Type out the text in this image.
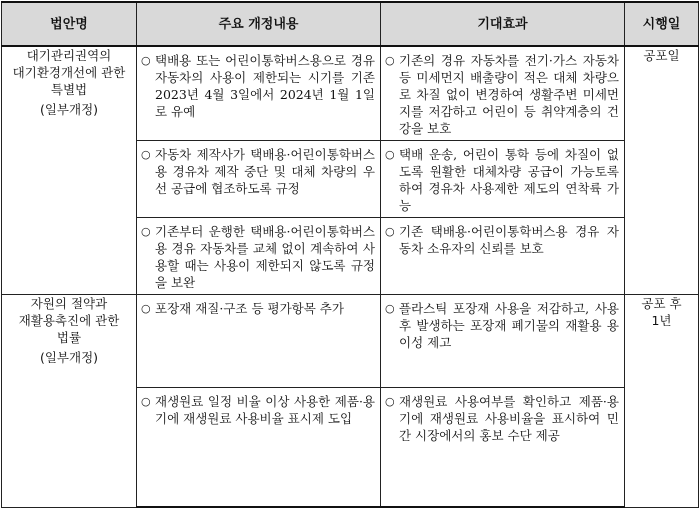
법안명	주요 개정내용	기대효과	시행일

대기관리권역의
대기환경개선에 관한
특별법
(일부개정)	○ 택배용 또는 어린이통학버스용으로 경유 자동차의 사용이 제한되는 시기를 기존 2023년 4월 3일에서 2024년 1월 1일로 유예	○ 기존의 경유 자동차를 전기·가스 자동차 등 미세먼지 배출량이 적은 대체 차량으로 차질 없이 변경하여 생활주변 미세먼지를 저감하고 어린이 등 취약계층의 건강을 보호	공포일

	○ 자동차 제작사가 택배용·어린이통학버스용 경유차 제작 중단 및 대체 차량의 우선 공급에 협조하도록 규정	○ 택배 운송, 어린이 통학 등에 차질이 없도록 원활한 대체차량 공급이 가능토록 하여 경유차 사용제한 제도의 연착륙 가능	

	○ 기존부터 운행한 택배용·어린이통학버스용 경유 자동차를 교체 없이 계속하여 사용할 때는 사용이 제한되지 않도록 규정을 보완	○ 기존 택배용·어린이통학버스용 경유 자동차 소유자의 신뢰를 보호	

자원의 절약과
재활용촉진에 관한
법률
(일부개정)	○ 포장재 재질·구조 등 평가항목 추가	○ 플라스틱 포장재 사용을 저감하고, 사용 후 발생하는 포장재 폐기물의 재활용 용이성 제고	공포 후
1년

	○ 재생원료 일정 비율 이상 사용한 제품·용기에 재생원료 사용비율 표시제 도입	○ 재생원료 사용여부를 확인하고 제품·용기에 재생원료 사용비율을 표시하여 민간 시장에서의 홍보 수단 제공	
